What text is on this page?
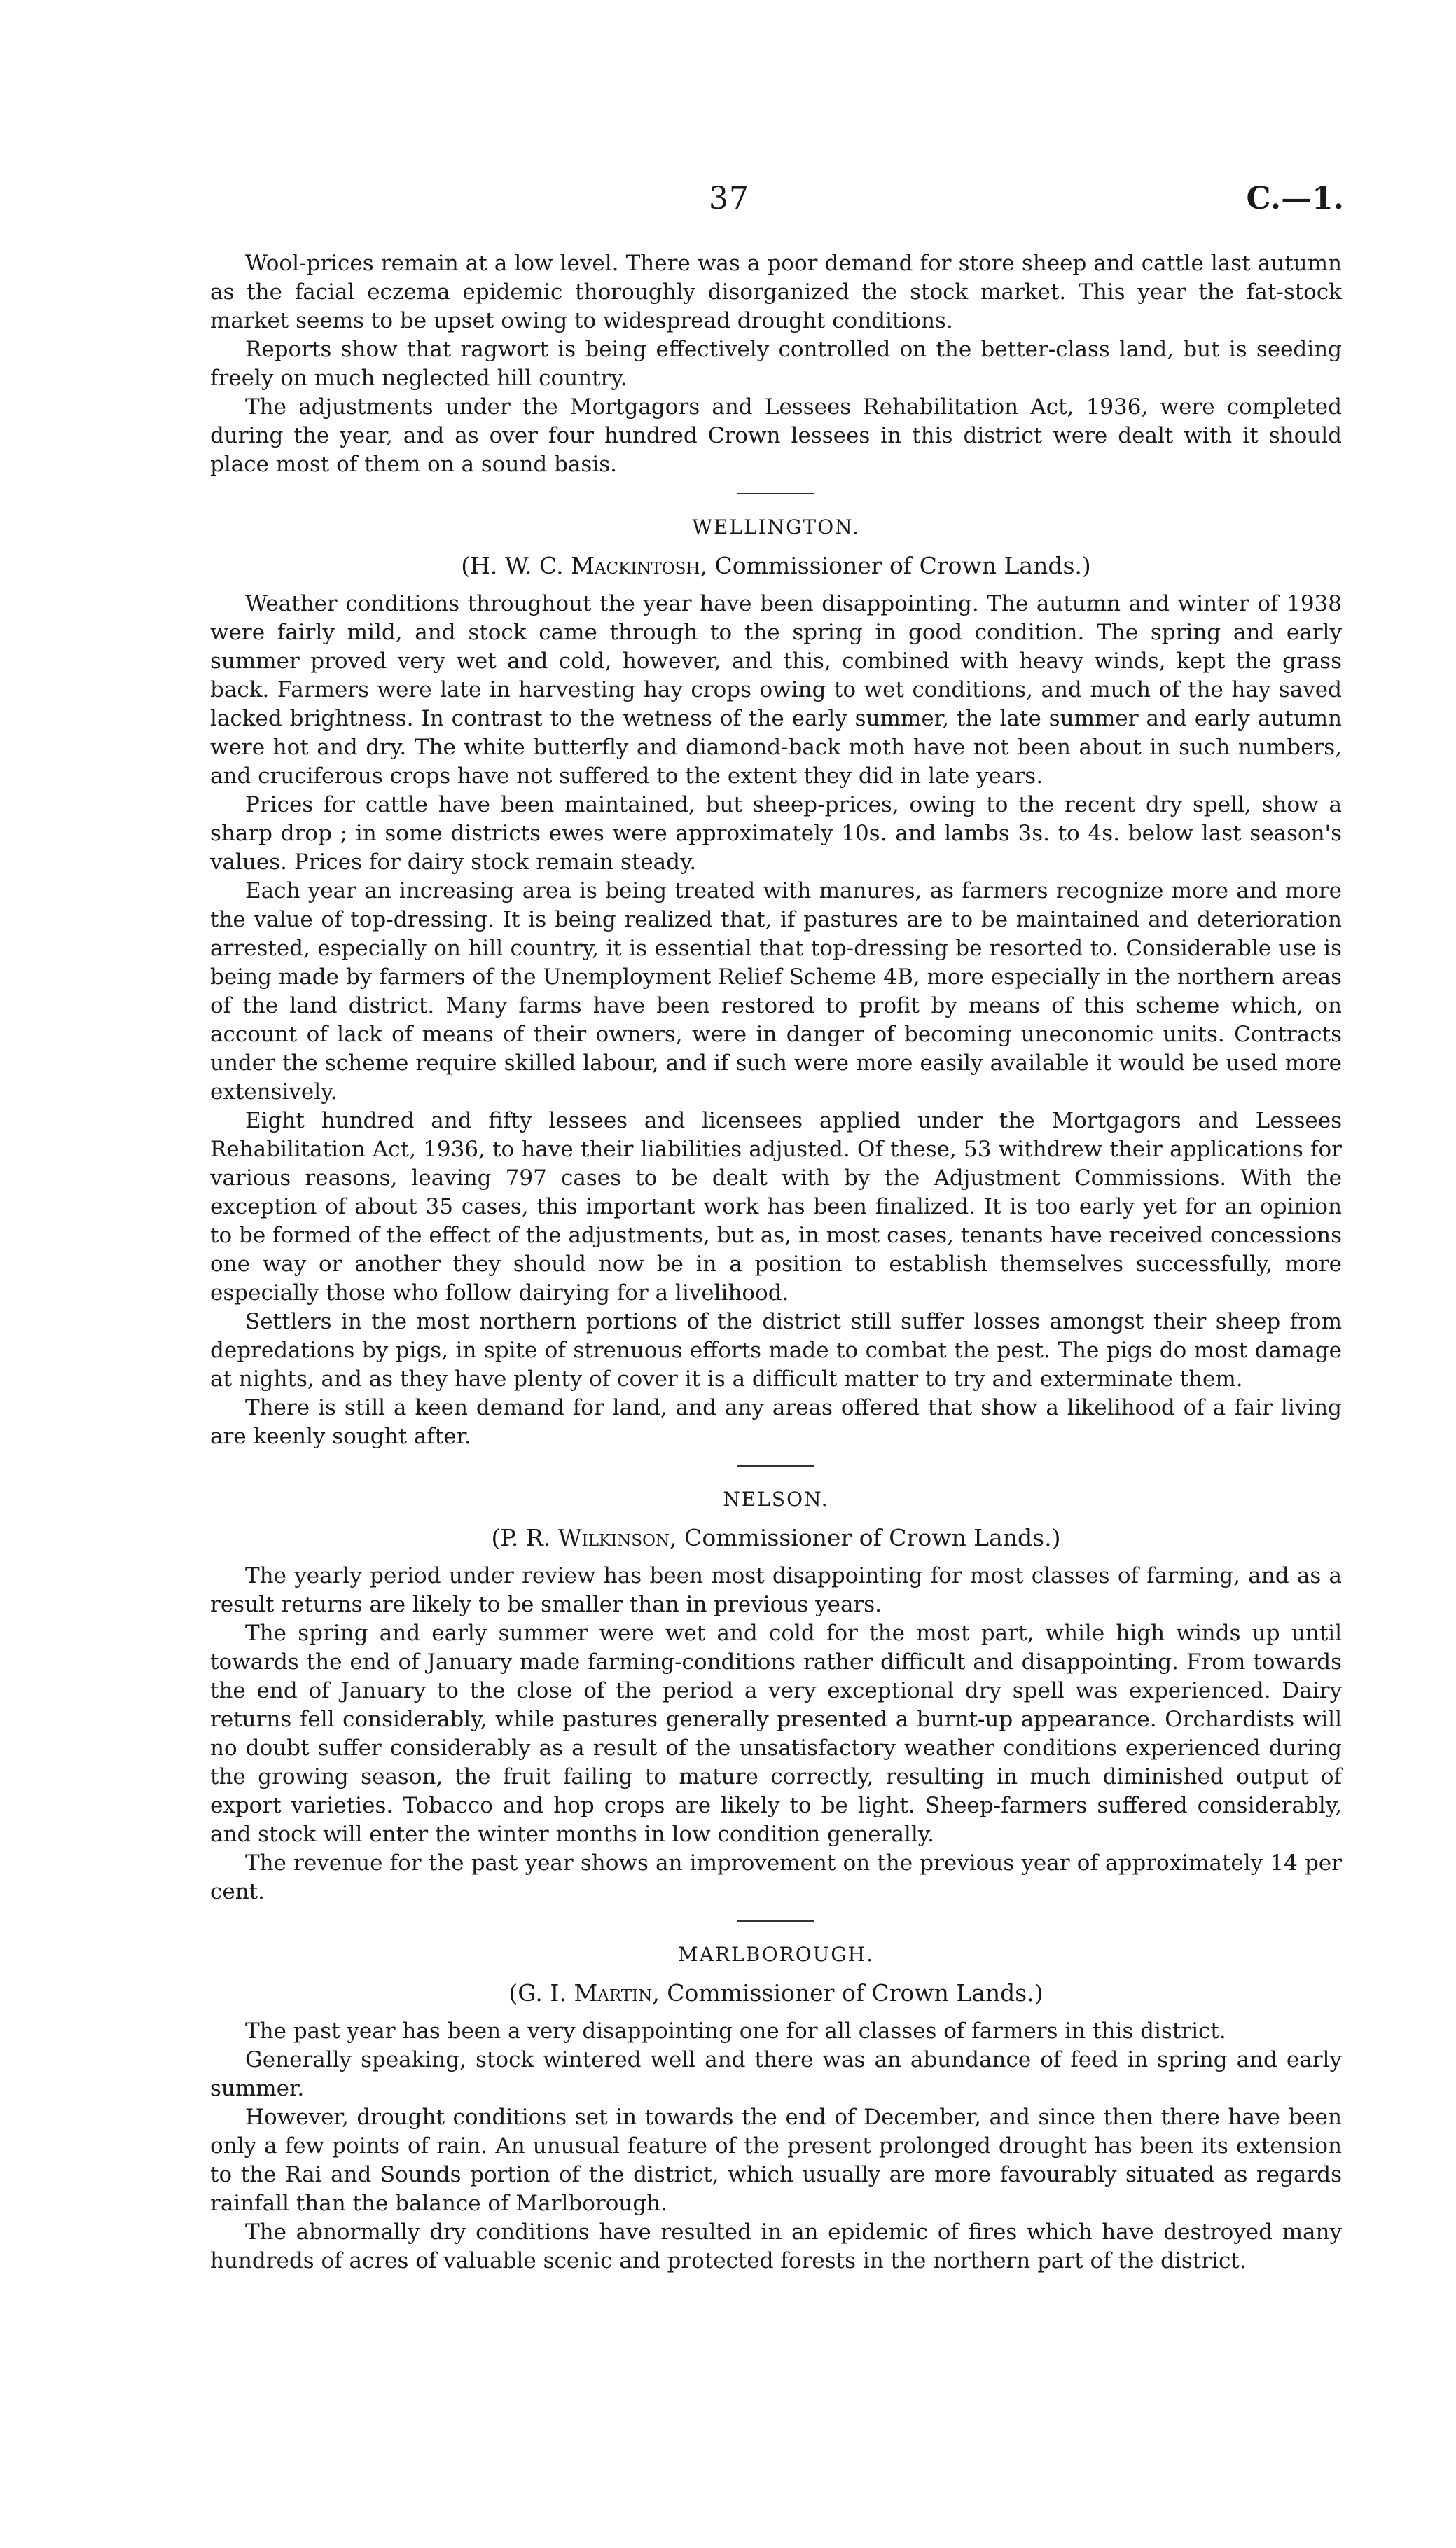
37	C.—1.

Wool-prices remain at a low level. There was a poor demand for store sheep and cattle last autumn as the facial eczema epidemic thoroughly disorganized the stock market. This year the fat-stock market seems to be upset owing to widespread drought conditions.

Reports show that ragwort is being effectively controlled on the better-class land, but is seeding freely on much neglected hill country.

The adjustments under the Mortgagors and Lessees Rehabilitation Act, 1936, were completed during the year, and as over four hundred Crown lessees in this district were dealt with it should place most of them on a sound basis.

WELLINGTON.
(H. W. C. Mackintosh, Commissioner of Crown Lands.)

Weather conditions throughout the year have been disappointing. The autumn and winter of 1938 were fairly mild, and stock came through to the spring in good condition. The spring and early summer proved very wet and cold, however, and this, combined with heavy winds, kept the grass back. Farmers were late in harvesting hay crops owing to wet conditions, and much of the hay saved lacked brightness. In contrast to the wetness of the early summer, the late summer and early autumn were hot and dry. The white butterfly and diamond-back moth have not been about in such numbers, and cruciferous crops have not suffered to the extent they did in late years.

Prices for cattle have been maintained, but sheep-prices, owing to the recent dry spell, show a sharp drop ; in some districts ewes were approximately 10s. and lambs 3s. to 4s. below last season's values. Prices for dairy stock remain steady.

Each year an increasing area is being treated with manures, as farmers recognize more and more the value of top-dressing. It is being realized that, if pastures are to be maintained and deterioration arrested, especially on hill country, it is essential that top-dressing be resorted to. Considerable use is being made by farmers of the Unemployment Relief Scheme 4B, more especially in the northern areas of the land district. Many farms have been restored to profit by means of this scheme which, on account of lack of means of their owners, were in danger of becoming uneconomic units. Contracts under the scheme require skilled labour, and if such were more easily available it would be used more extensively.

Eight hundred and fifty lessees and licensees applied under the Mortgagors and Lessees Rehabilitation Act, 1936, to have their liabilities adjusted. Of these, 53 withdrew their applications for various reasons, leaving 797 cases to be dealt with by the Adjustment Commissions. With the exception of about 35 cases, this important work has been finalized. It is too early yet for an opinion to be formed of the effect of the adjustments, but as, in most cases, tenants have received concessions one way or another they should now be in a position to establish themselves successfully, more especially those who follow dairying for a livelihood.

Settlers in the most northern portions of the district still suffer losses amongst their sheep from depredations by pigs, in spite of strenuous efforts made to combat the pest. The pigs do most damage at nights, and as they have plenty of cover it is a difficult matter to try and exterminate them.

There is still a keen demand for land, and any areas offered that show a likelihood of a fair living are keenly sought after.

NELSON.
(P. R. Wilkinson, Commissioner of Crown Lands.)

The yearly period under review has been most disappointing for most classes of farming, and as a result returns are likely to be smaller than in previous years.

The spring and early summer were wet and cold for the most part, while high winds up until towards the end of January made farming-conditions rather difficult and disappointing. From towards the end of January to the close of the period a very exceptional dry spell was experienced. Dairy returns fell considerably, while pastures generally presented a burnt-up appearance. Orchardists will no doubt suffer considerably as a result of the unsatisfactory weather conditions experienced during the growing season, the fruit failing to mature correctly, resulting in much diminished output of export varieties. Tobacco and hop crops are likely to be light. Sheep-farmers suffered considerably, and stock will enter the winter months in low condition generally.

The revenue for the past year shows an improvement on the previous year of approximately 14 per cent.

MARLBOROUGH.
(G. I. Martin, Commissioner of Crown Lands.)

The past year has been a very disappointing one for all classes of farmers in this district.

Generally speaking, stock wintered well and there was an abundance of feed in spring and early summer.

However, drought conditions set in towards the end of December, and since then there have been only a few points of rain. An unusual feature of the present prolonged drought has been its extension to the Rai and Sounds portion of the district, which usually are more favourably situated as regards rainfall than the balance of Marlborough.

The abnormally dry conditions have resulted in an epidemic of fires which have destroyed many hundreds of acres of valuable scenic and protected forests in the northern part of the district.
